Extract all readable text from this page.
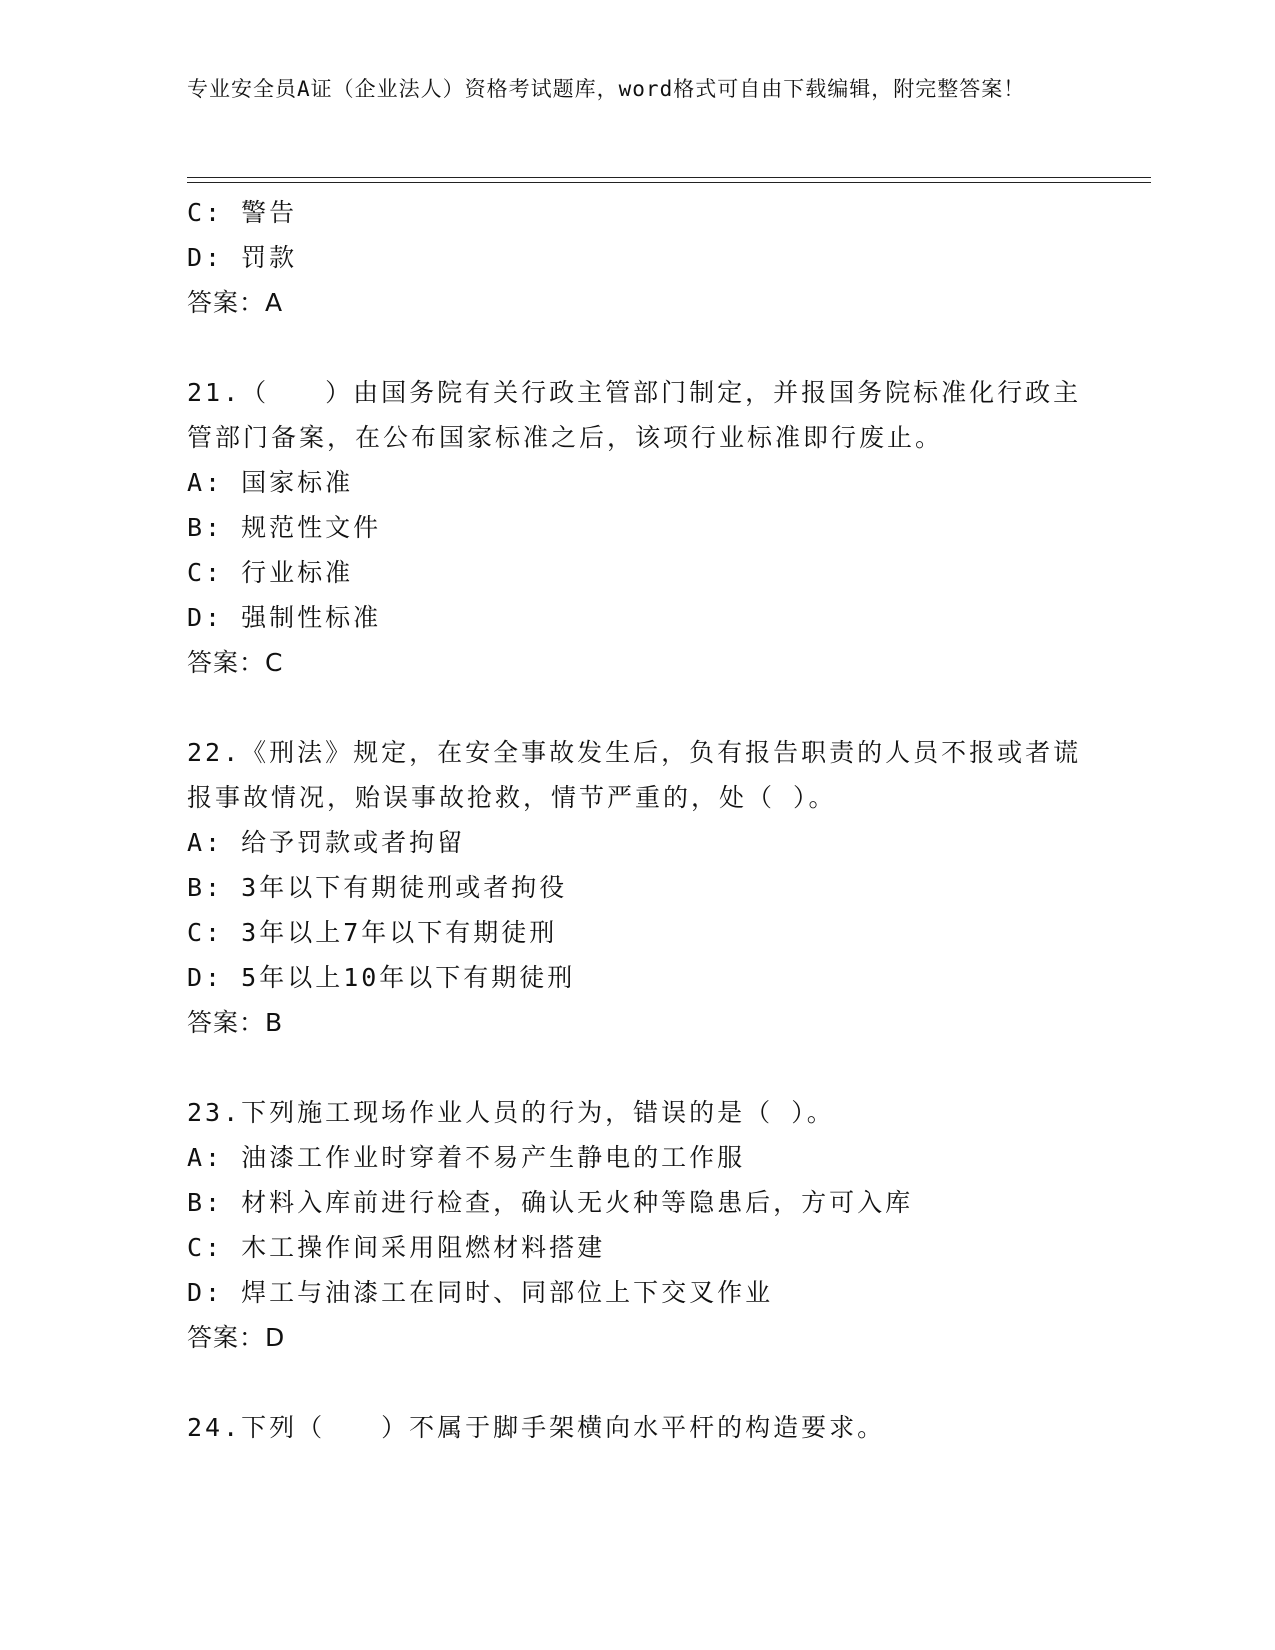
专业安全员A证（企业法人）资格考试题库，word格式可自由下载编辑，附完整答案！
C: 警告
D: 罚款
答案：A
21.（　　）由国务院有关行政主管部门制定，并报国务院标准化行政主管部门备案，在公布国家标准之后，该项行业标准即行废止。
A: 国家标准
B: 规范性文件
C: 行业标准
D: 强制性标准
答案：C
22.《刑法》规定，在安全事故发生后，负有报告职责的人员不报或者谎报事故情况，贻误事故抢救，情节严重的，处（ ）。
A: 给予罚款或者拘留
B: 3年以下有期徒刑或者拘役
C: 3年以上7年以下有期徒刑
D: 5年以上10年以下有期徒刑
答案：B
23.下列施工现场作业人员的行为，错误的是（ ）。
A: 油漆工作业时穿着不易产生静电的工作服
B: 材料入库前进行检查，确认无火种等隐患后，方可入库
C: 木工操作间采用阻燃材料搭建
D: 焊工与油漆工在同时、同部位上下交叉作业
答案：D
24.下列（　　）不属于脚手架横向水平杆的构造要求。
